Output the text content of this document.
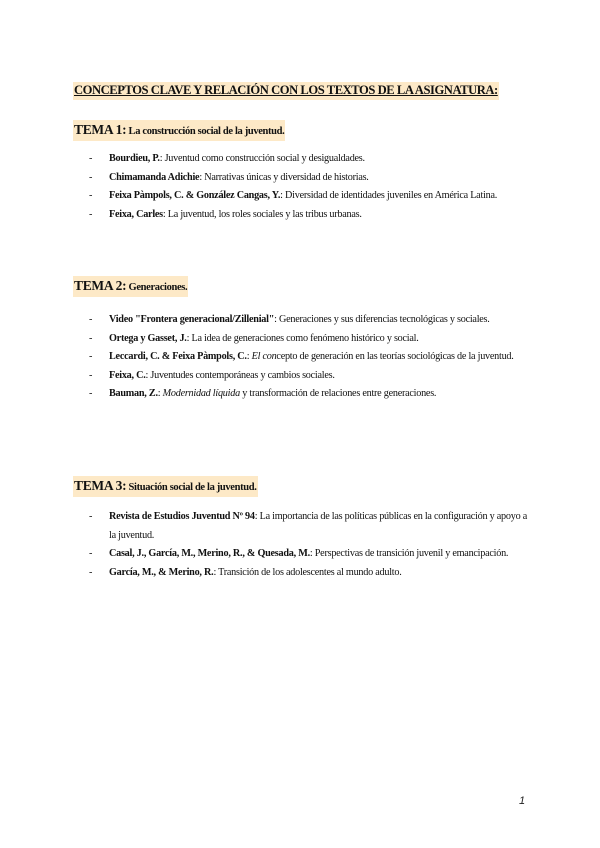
CONCEPTOS CLAVE Y RELACIÓN CON LOS TEXTOS DE LA ASIGNATURA:
TEMA 1: La construcción social de la juventud.
- Bourdieu, P.: Juventud como construcción social y desigualdades.
- Chimamanda Adichie: Narrativas únicas y diversidad de historias.
- Feixa Pàmpols, C. & González Cangas, Y.: Diversidad de identidades juveniles en América Latina.
- Feixa, Carles: La juventud, los roles sociales y las tribus urbanas.
TEMA 2: Generaciones.
- Video "Frontera generacional/Zillenial": Generaciones y sus diferencias tecnológicas y sociales.
- Ortega y Gasset, J.: La idea de generaciones como fenómeno histórico y social.
- Leccardi, C. & Feixa Pàmpols, C.: El concepto de generación en las teorías sociológicas de la juventud.
- Feixa, C.: Juventudes contemporáneas y cambios sociales.
- Bauman, Z.: Modernidad líquida y transformación de relaciones entre generaciones.
TEMA 3: Situación social de la juventud.
- Revista de Estudios Juventud Nº 94: La importancia de las políticas públicas en la configuración y apoyo a la juventud.
- Casal, J., García, M., Merino, R., & Quesada, M.: Perspectivas de transición juvenil y emancipación.
- García, M., & Merino, R.: Transición de los adolescentes al mundo adulto.
1
